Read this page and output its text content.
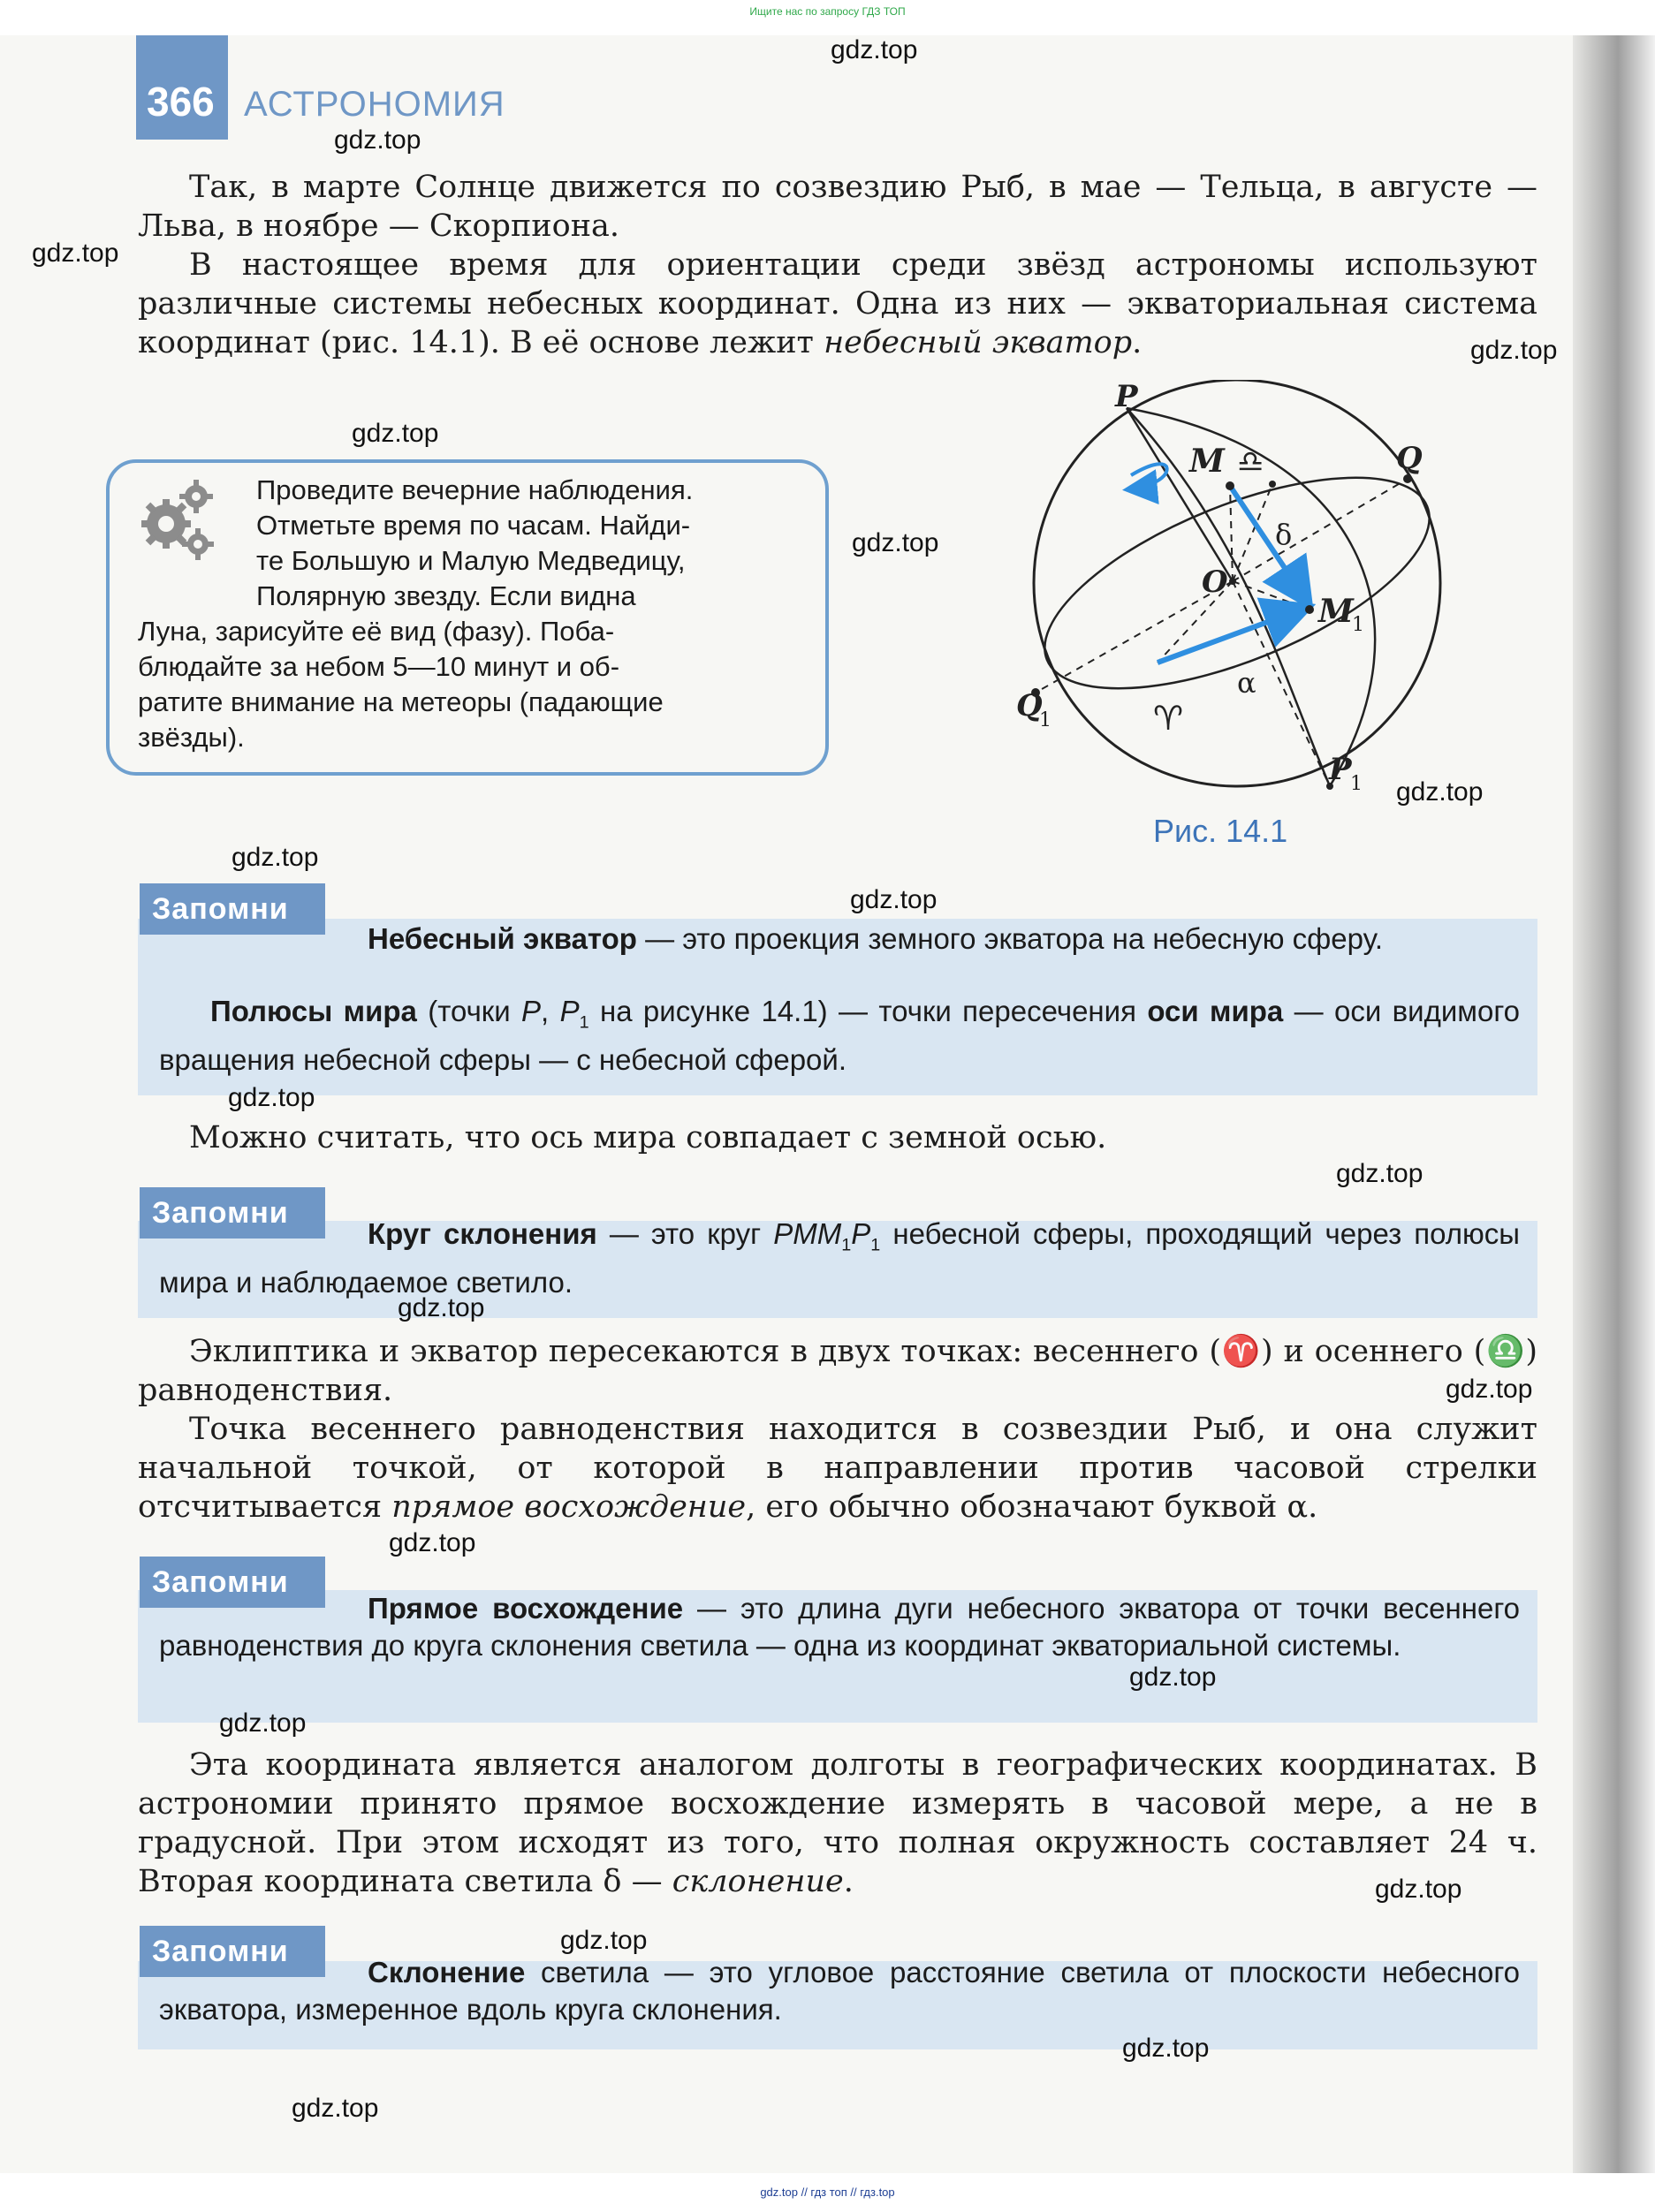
Ищите нас по запросу ГДЗ ТОП
366 АСТРОНОМИЯ

Так, в марте Солнце движется по созвездию Рыб, в мае — Тельца, в августе — Льва, в ноябре — Скорпиона.

В настоящее время для ориентации среди звёзд астрономы используют различные системы небесных координат. Одна из них — экваториальная система координат (рис. 14.1). В её основе лежит небесный экватор.

Проведите вечерние наблюдения.

Отметьте время по часам. Найди-

те Большую и Малую Медведицу,

Полярную звезду. Если видна

Луна, зарисуйте её вид (фазу). Поба-

блюдайте за небом 5—10 минут и об-

ратите внимание на метеоры (падающие

звёзды).

P
M ♎	Q
O
δ
M
1
α
Q
1	♈
P
1
Рис. 14.1
Запомни

Небесный экватор — это проекция земного экватора на небесную сферу.

Полюсы мира (точки P, $P_1$ на рисунке 14.1) — точки пересечения оси мира — оси видимого вращения небесной сферы — с небесной сферой.

Можно считать, что ось мира совпадает с земной осью.

Запомни

Круг склонения — это круг $PMM_1P_1$ небесной сферы, проходящий через полюсы мира и наблюдаемое светило.

Эклиптика и экватор пересекаются в двух точках: весеннего (♈) и осеннего (♎) равноденствия.

Точка весеннего равноденствия находится в созвездии Рыб, и она служит начальной точкой, от которой в направлении против часовой стрелки отсчитывается прямое восхождение, его обычно обозначают буквой α.

Запомни

Прямое восхождение — это длина дуги небесного экватора от точки весеннего равноденствия до круга склонения светила — одна из координат экваториальной системы.

Эта координата является аналогом долготы в географических координатах. В астрономии принято прямое восхождение измерять в часовой мере, а не в градусной. При этом исходят из того, что полная окружность составляет 24 ч. Вторая координата светила δ — склонение.

Запомни

Склонение светила — это угловое расстояние светила от плоскости небесного экватора, измеренное вдоль круга склонения.

gdz.top
gdz.top
gdz.top
gdz.top
gdz.top
gdz.top
gdz.top
gdz.top
gdz.top
gdz.top
gdz.top
gdz.top
gdz.top
gdz.top
gdz.top
gdz.top
gdz.top
gdz.top
gdz.top
gdz.top
gdz.top // гдз топ // гдз.top
